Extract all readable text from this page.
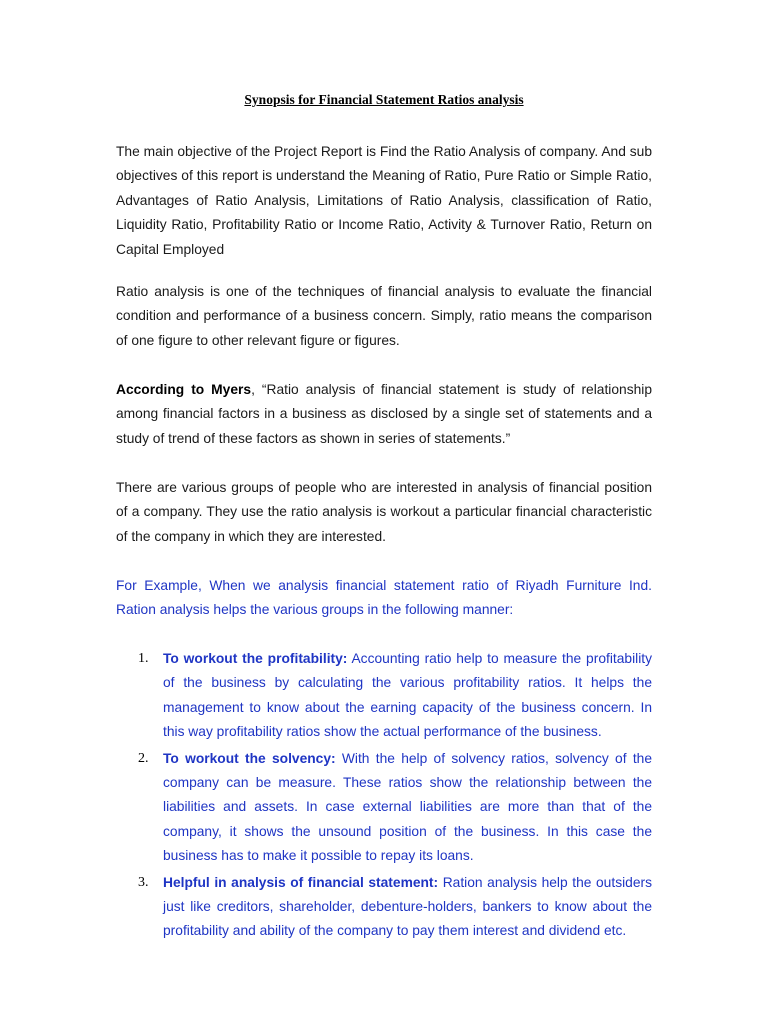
Synopsis for Financial Statement Ratios analysis

The main objective of the Project Report is Find the Ratio Analysis of company. And sub objectives of this report is understand the Meaning of Ratio, Pure Ratio or Simple Ratio, Advantages of Ratio Analysis, Limitations of Ratio Analysis, classification of Ratio, Liquidity Ratio, Profitability Ratio or Income Ratio, Activity & Turnover Ratio, Return on Capital Employed

Ratio analysis is one of the techniques of financial analysis to evaluate the financial condition and performance of a business concern. Simply, ratio means the comparison of one figure to other relevant figure or figures.

According to Myers, “Ratio analysis of financial statement is study of relationship among financial factors in a business as disclosed by a single set of statements and a study of trend of these factors as shown in series of statements.”

There are various groups of people who are interested in analysis of financial position of a company. They use the ratio analysis is workout a particular financial characteristic of the company in which they are interested.

For Example, When we analysis financial statement ratio of Riyadh Furniture Ind. Ration analysis helps the various groups in the following manner:

1. To workout the profitability: Accounting ratio help to measure the profitability of the business by calculating the various profitability ratios. It helps the management to know about the earning capacity of the business concern. In this way profitability ratios show the actual performance of the business.
2. To workout the solvency: With the help of solvency ratios, solvency of the company can be measure. These ratios show the relationship between the liabilities and assets. In case external liabilities are more than that of the company, it shows the unsound position of the business. In this case the business has to make it possible to repay its loans.
3. Helpful in analysis of financial statement: Ration analysis help the outsiders just like creditors, shareholder, debenture-holders, bankers to know about the profitability and ability of the company to pay them interest and dividend etc.
